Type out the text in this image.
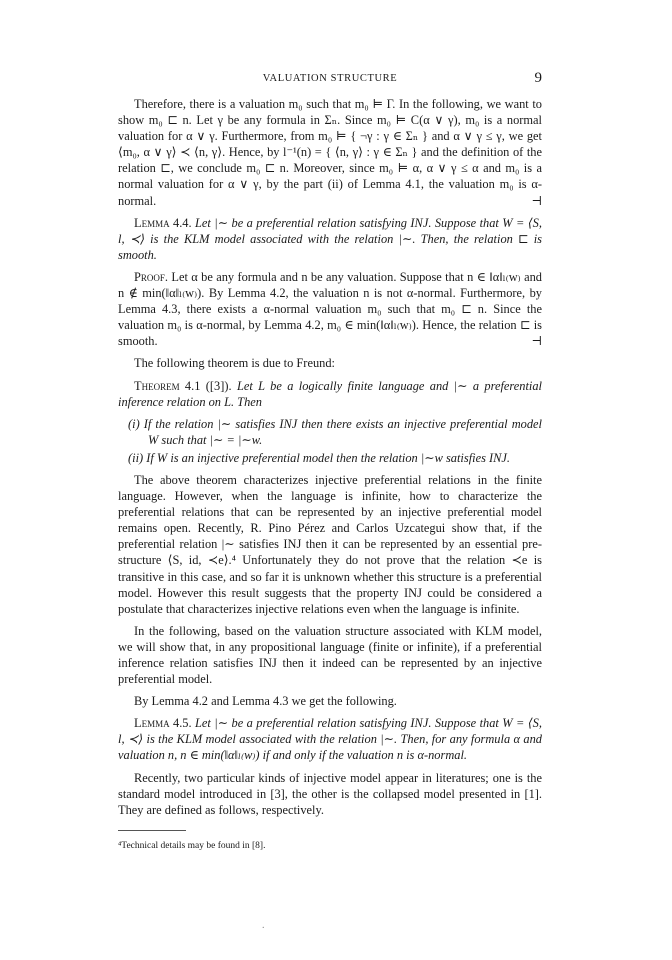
VALUATION STRUCTURE	9

Therefore, there is a valuation m₀ such that m₀ ⊨ Γ. In the following, we want to show m₀ ⊏ n. Let γ be any formula in Σₙ. Since m₀ ⊨ C(α ∨ γ), m₀ is a normal valuation for α ∨ γ. Furthermore, from m₀ ⊨ { ¬γ : γ ∈ Σₙ } and α ∨ γ ≤ γ, we get ⟨m₀, α ∨ γ⟩ ≺ ⟨n, γ⟩. Hence, by l⁻¹(n) = { ⟨n, γ⟩ : γ ∈ Σₙ } and the definition of the relation ⊏, we conclude m₀ ⊏ n. Moreover, since m₀ ⊨ α, α ∨ γ ≤ α and m₀ is a normal valuation for α ∨ γ, by the part (ii) of Lemma 4.1, the valuation m₀ is α-normal.	⊣

Lemma 4.4. Let |∼ be a preferential relation satisfying INJ. Suppose that W = ⟨S, l, ≺⟩ is the KLM model associated with the relation |∼. Then, the relation ⊏ is smooth.

Proof. Let α be any formula and n be any valuation. Suppose that n ∈ ‖α‖ₗ₍w₎ and n ∉ min(‖α‖ₗ₍w₎). By Lemma 4.2, the valuation n is not α-normal. Furthermore, by Lemma 4.3, there exists a α-normal valuation m₀ such that m₀ ⊏ n. Since the valuation m₀ is α-normal, by Lemma 4.2, m₀ ∈ min(‖α‖ₗ₍w₎). Hence, the relation ⊏ is smooth.	⊣

The following theorem is due to Freund:

Theorem 4.1 ([3]). Let L be a logically finite language and |∼ a preferential inference relation on L. Then

(i) If the relation |∼ satisfies INJ then there exists an injective preferential model W such that |∼ = |∼w.
(ii) If W is an injective preferential model then the relation |∼w satisfies INJ.

The above theorem characterizes injective preferential relations in the finite language. However, when the language is infinite, how to characterize the preferential relations that can be represented by an injective preferential model remains open. Recently, R. Pino Pérez and Carlos Uzcategui show that, if the preferential relation |∼ satisfies INJ then it can be represented by an essential pre-structure ⟨S, id, ≺e⟩.⁴ Unfortunately they do not prove that the relation ≺e is transitive in this case, and so far it is unknown whether this structure is a preferential model. However this result suggests that the property INJ could be considered a postulate that characterizes injective relations even when the language is infinite.

In the following, based on the valuation structure associated with KLM model, we will show that, in any propositional language (finite or infinite), if a preferential inference relation satisfies INJ then it indeed can be represented by an injective preferential model.

By Lemma 4.2 and Lemma 4.3 we get the following.

Lemma 4.5. Let |∼ be a preferential relation satisfying INJ. Suppose that W = ⟨S, l, ≺⟩ is the KLM model associated with the relation |∼. Then, for any formula α and valuation n, n ∈ min(‖α‖ₗ₍w₎) if and only if the valuation n is α-normal.

Recently, two particular kinds of injective model appear in literatures; one is the standard model introduced in [3], the other is the collapsed model presented in [1]. They are defined as follows, respectively.

⁴Technical details may be found in [8].
.
